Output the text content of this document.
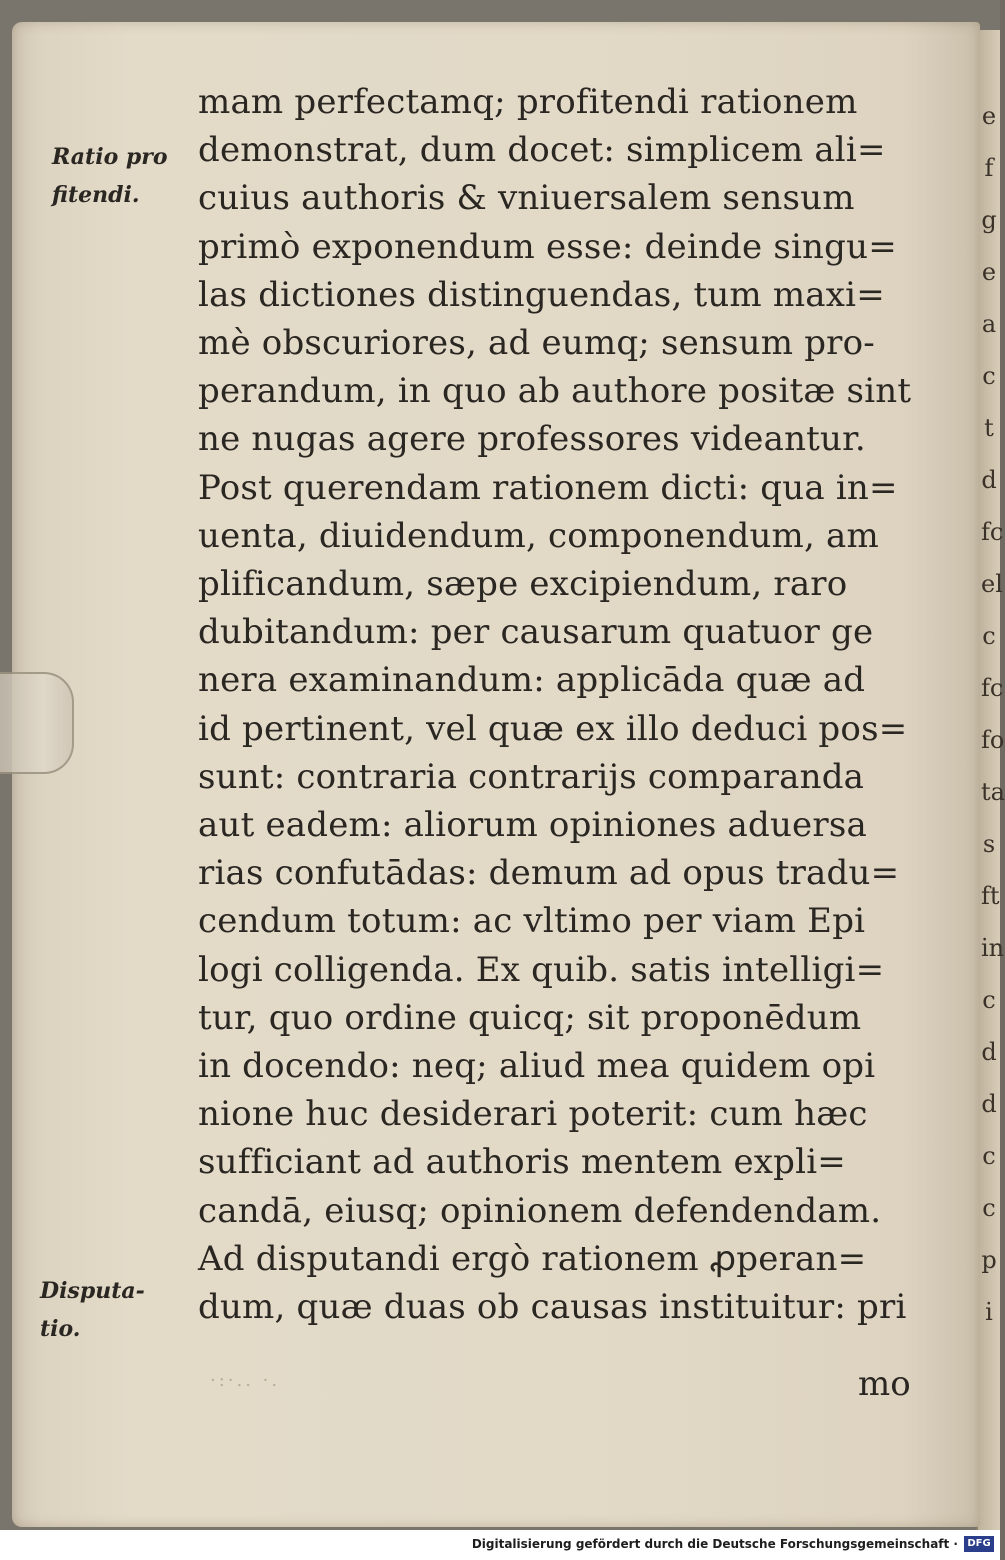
e
f
g
e
a
c
t
d
fc
el
c
fc
fo
ta
s
ft
in
c
d
d
c
c
p
i
Ratio pro
fitendi.
mam perfectamq; profitendi rationem
demonstrat, dum docet: simplicem ali=
cuius authoris & vniuersalem sensum
primò exponendum esse: deinde singu=
las dictiones distinguendas, tum maxi=
mè obscuriores, ad eumq; sensum pro-
perandum, in quo ab authore positæ sint
ne nugas agere professores videantur.
Post querendam rationem dicti: qua in=
uenta, diuidendum, componendum, am
plificandum, sæpe excipiendum, raro
dubitandum: per causarum quatuor ge
nera examinandum: applicāda quæ ad
id pertinent, vel quæ ex illo deduci pos=
sunt: contraria contrarijs comparanda
aut eadem: aliorum opiniones aduersa
rias confutādas: demum ad opus tradu=
cendum totum: ac vltimo per viam Epi
logi colligenda. Ex quib. satis intelligi=
tur, quo ordine quicq; sit proponēdum
in docendo: neq; aliud mea quidem opi
nione huc desiderari poterit: cum hæc
sufficiant ad authoris mentem expli=
candā, eiusq; opinionem defendendam.
Ad disputandi ergò rationem ꝓperan=
dum, quæ duas ob causas instituitur: pri
Disputa-
tio.
·:·.. ·.	mo
Digitalisierung gefördert durch die Deutsche Forschungsgemeinschaft · DFG
